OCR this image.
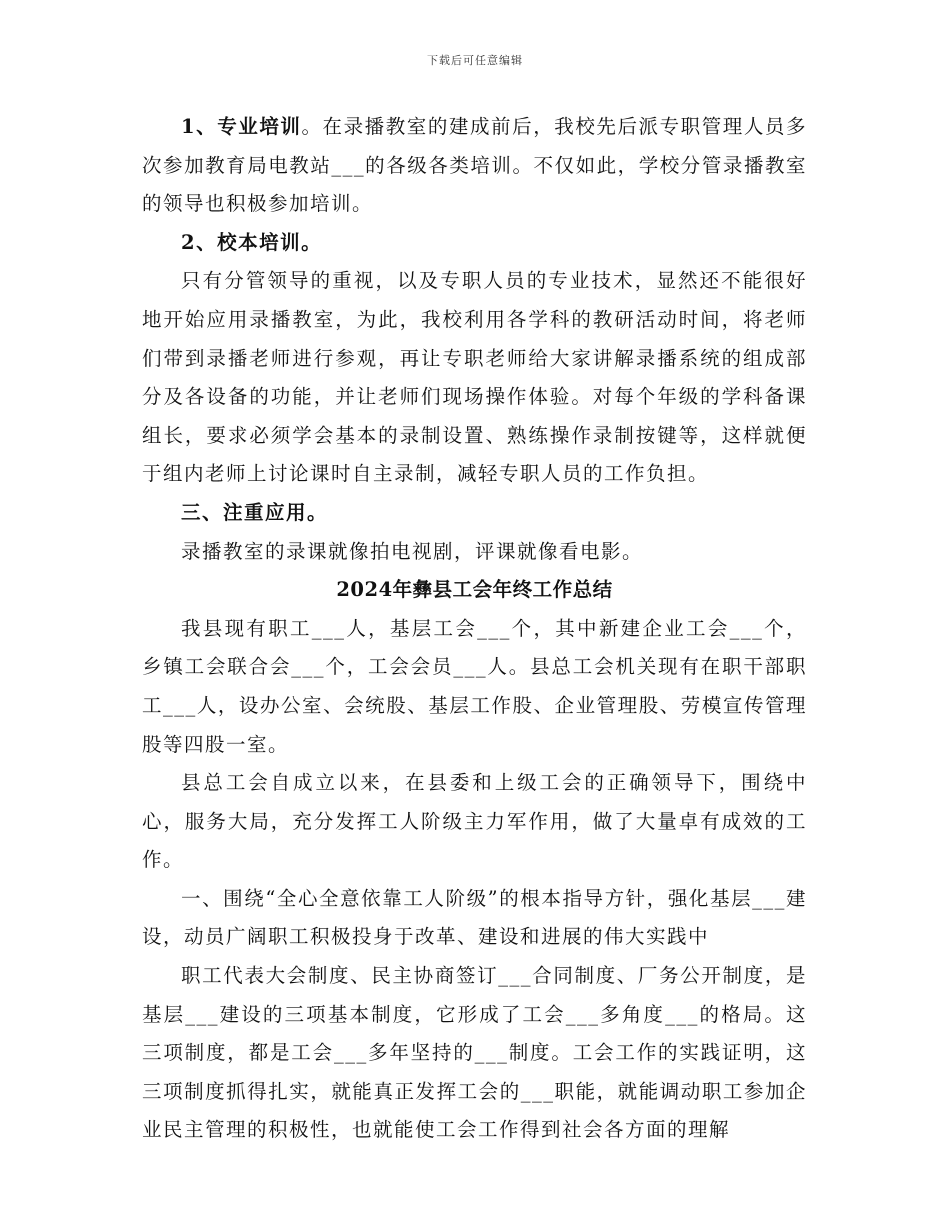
下载后可任意编辑

1、专业培训。在录播教室的建成前后，我校先后派专职管理人员多次参加教育局电教站___的各级各类培训。不仅如此，学校分管录播教室的领导也积极参加培训。

2、校本培训。

只有分管领导的重视，以及专职人员的专业技术，显然还不能很好地开始应用录播教室，为此，我校利用各学科的教研活动时间，将老师们带到录播老师进行参观，再让专职老师给大家讲解录播系统的组成部分及各设备的功能，并让老师们现场操作体验。对每个年级的学科备课组长，要求必须学会基本的录制设置、熟练操作录制按键等，这样就便于组内老师上讨论课时自主录制，减轻专职人员的工作负担。

三、注重应用。

录播教室的录课就像拍电视剧，评课就像看电影。

2024年彝县工会年终工作总结

我县现有职工___人，基层工会___个，其中新建企业工会___个，乡镇工会联合会___个，工会会员___人。县总工会机关现有在职干部职工___人，设办公室、会统股、基层工作股、企业管理股、劳模宣传管理股等四股一室。

县总工会自成立以来，在县委和上级工会的正确领导下，围绕中心，服务大局，充分发挥工人阶级主力军作用，做了大量卓有成效的工作。

一、围绕“全心全意依靠工人阶级”的根本指导方针，强化基层___建设，动员广阔职工积极投身于改革、建设和进展的伟大实践中

职工代表大会制度、民主协商签订___合同制度、厂务公开制度，是基层___建设的三项基本制度，它形成了工会___多角度___的格局。这三项制度，都是工会___多年坚持的___制度。工会工作的实践证明，这三项制度抓得扎实，就能真正发挥工会的___职能，就能调动职工参加企业民主管理的积极性，也就能使工会工作得到社会各方面的理解
